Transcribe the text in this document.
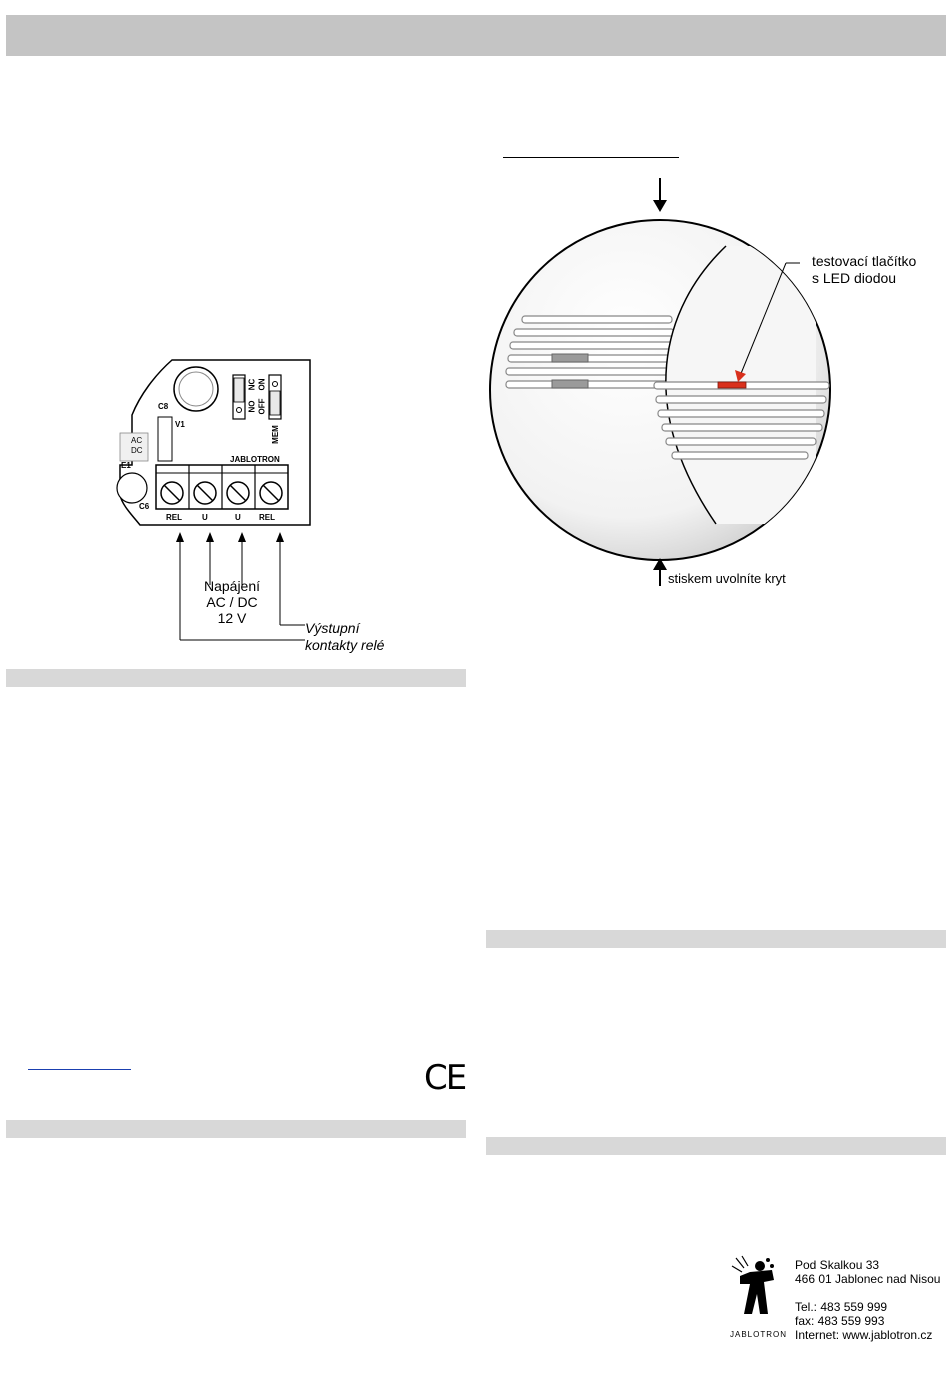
C8
V1
AC
DC
E1
C6
JABLOTRON
MEM
NC ON
NO OFF
REL	U	U REL
Napájení
AC / DC
12 V
Výstupní
kontakty relé
testovací tlačítko
s LED diodou
stiskem uvolníte kryt
CE
JABLOTRON
Pod Skalkou 33
466 01 Jablonec nad Nisou
Tel.: 483 559 999
fax: 483 559 993
Internet: www.jablotron.cz
